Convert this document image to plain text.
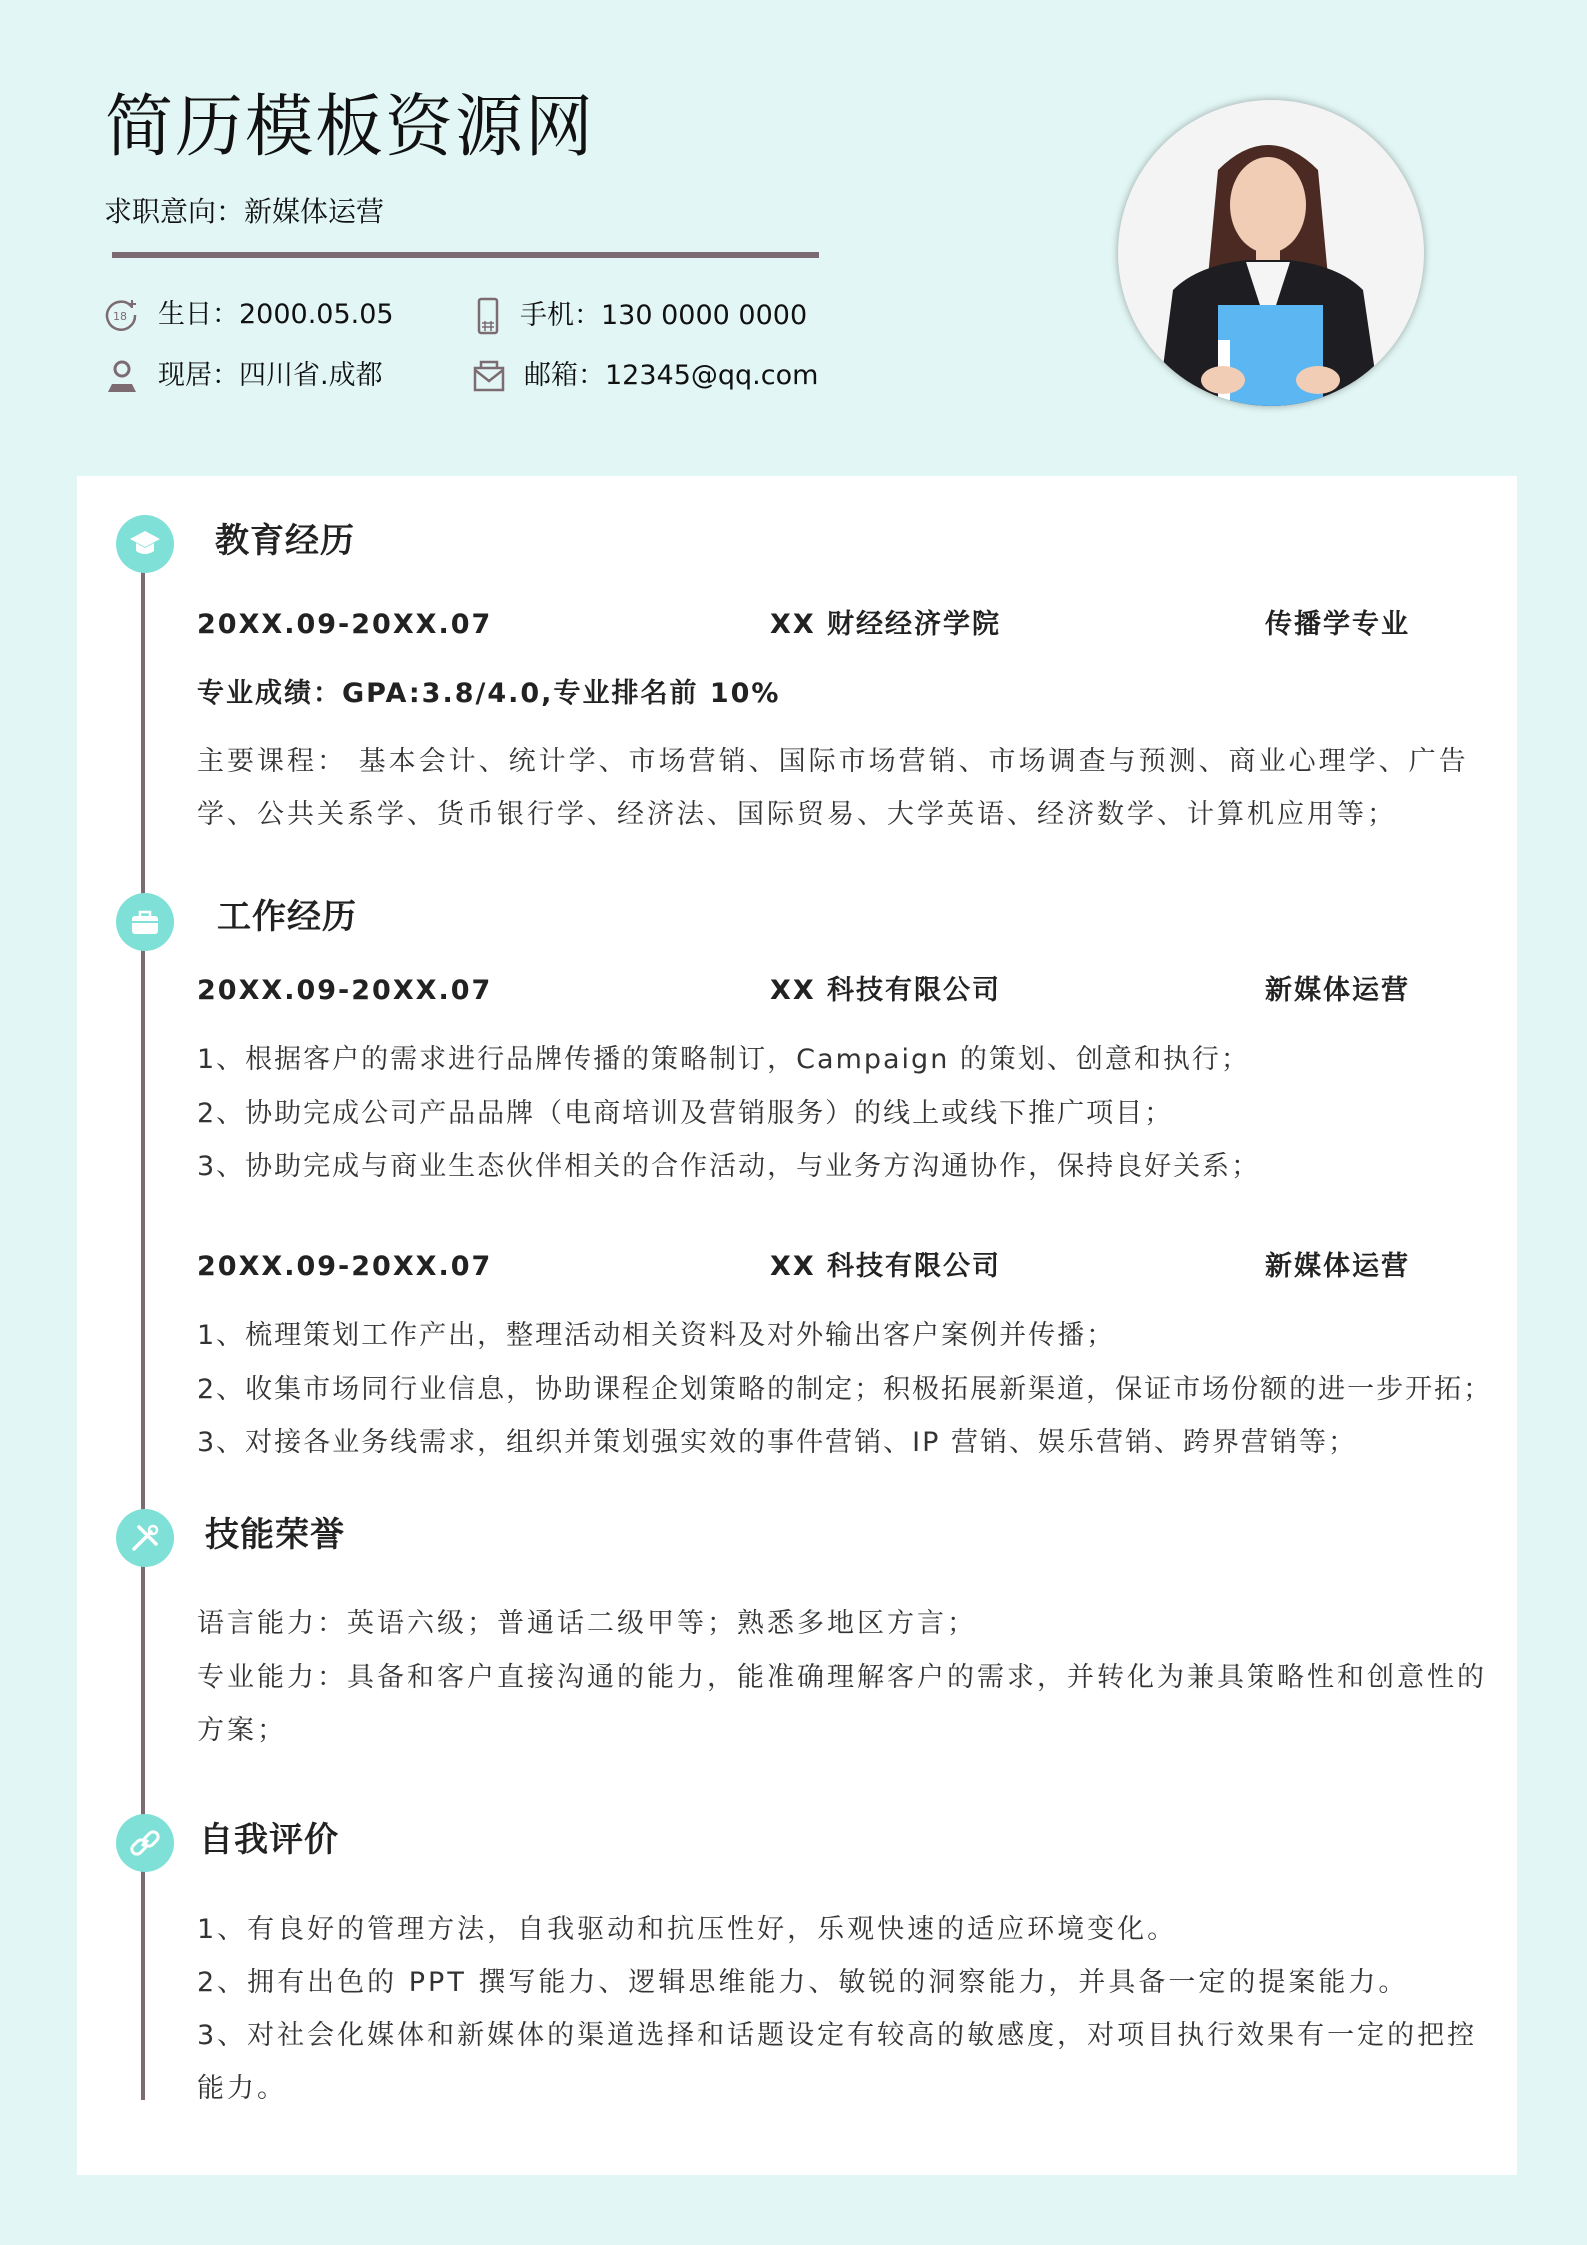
简历模板资源网
求职意向：新媒体运营
18 生日：2000.05.05	手机：130 0000 0000
现居：四川省.成都	邮箱：12345@qq.com
教育经历
20XX.09-20XX.07	XX 财经经济学院	传播学专业
专业成绩：GPA:3.8/4.0,专业排名前 10%
主要课程： 基本会计、统计学、市场营销、国际市场营销、市场调查与预测、商业心理学、广告学、公共关系学、货币银行学、经济法、国际贸易、大学英语、经济数学、计算机应用等；
工作经历
20XX.09-20XX.07	XX 科技有限公司	新媒体运营
1、根据客户的需求进行品牌传播的策略制订，Campaign 的策划、创意和执行；
2、协助完成公司产品品牌（电商培训及营销服务）的线上或线下推广项目；
3、协助完成与商业生态伙伴相关的合作活动，与业务方沟通协作，保持良好关系；
20XX.09-20XX.07	XX 科技有限公司	新媒体运营
1、梳理策划工作产出，整理活动相关资料及对外输出客户案例并传播；
2、收集市场同行业信息，协助课程企划策略的制定；积极拓展新渠道，保证市场份额的进一步开拓；
3、对接各业务线需求，组织并策划强实效的事件营销、IP 营销、娱乐营销、跨界营销等；
技能荣誉
语言能力：英语六级；普通话二级甲等；熟悉多地区方言；
专业能力：具备和客户直接沟通的能力，能准确理解客户的需求，并转化为兼具策略性和创意性的方案；
自我评价
1、有良好的管理方法，自我驱动和抗压性好，乐观快速的适应环境变化。
2、拥有出色的 PPT 撰写能力、逻辑思维能力、敏锐的洞察能力，并具备一定的提案能力。
3、对社会化媒体和新媒体的渠道选择和话题设定有较高的敏感度，对项目执行效果有一定的把控能力。
